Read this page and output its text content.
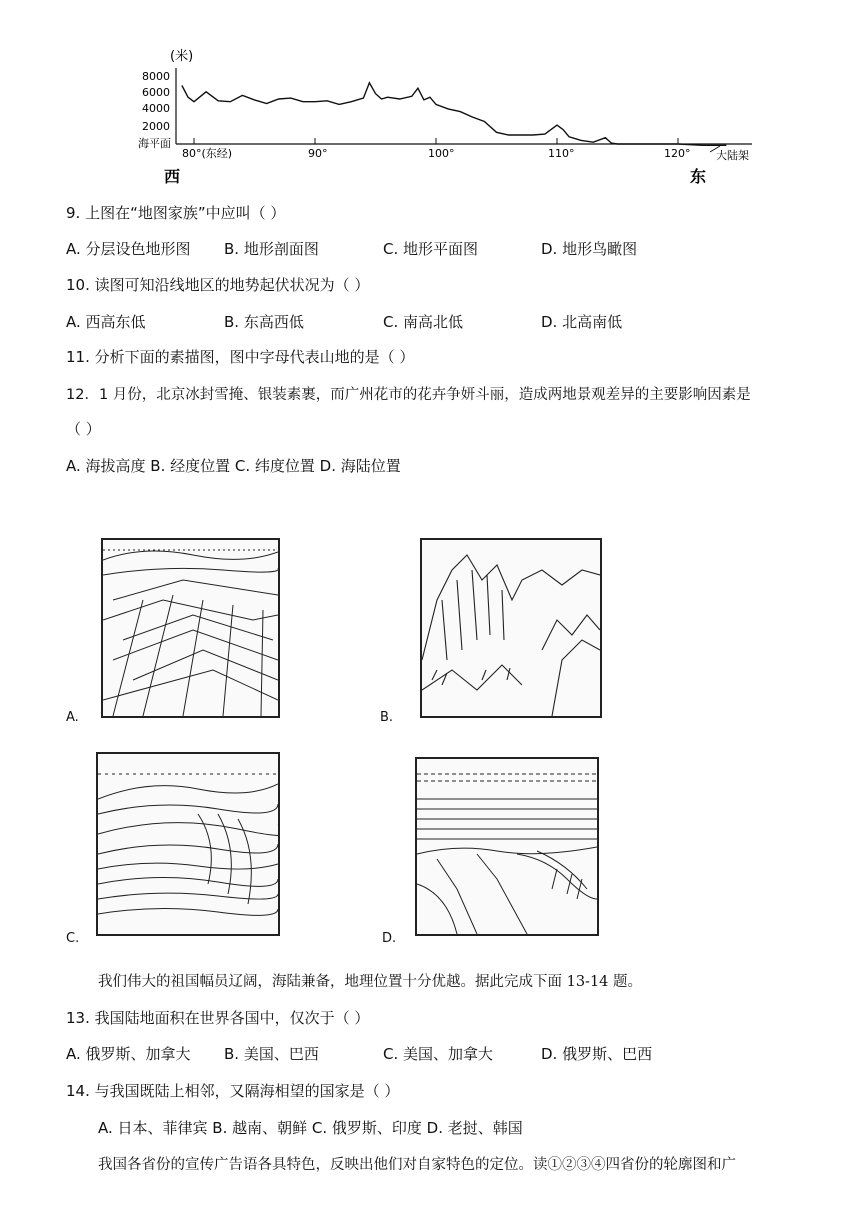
(米)
8000
6000
4000
2000
海平面
80°(东经)	90°	100°	110°	120° 大陆架
西	东
9. 上图在“地图家族”中应叫（ ）
A. 分层设色地形图 B. 地形剖面图	C. 地形平面图	D. 地形鸟瞰图
10. 读图可知沿线地区的地势起伏状况为（ ）
A. 西高东低	B. 东高西低	C. 南高北低	D. 北高南低
11. 分析下面的素描图，图中字母代表山地的是（ ）
12．1 月份，北京冰封雪掩、银装素裹，而广州花市的花卉争妍斗丽，造成两地景观差异的主要影响因素是
（ ）
A. 海拔高度 B. 经度位置 C. 纬度位置 D. 海陆位置
A.	B.
C.	D.
我们伟大的祖国幅员辽阔，海陆兼备，地理位置十分优越。据此完成下面 13-14 题。
13. 我国陆地面积在世界各国中，仅次于（ ）
A. 俄罗斯、加拿大 B. 美国、巴西	C. 美国、加拿大	D. 俄罗斯、巴西
14. 与我国既陆上相邻，又隔海相望的国家是（ ）
A. 日本、菲律宾 B. 越南、朝鲜 C. 俄罗斯、印度 D. 老挝、韩国
我国各省份的宣传广告语各具特色，反映出他们对自家特色的定位。读①②③④四省份的轮廓图和广
